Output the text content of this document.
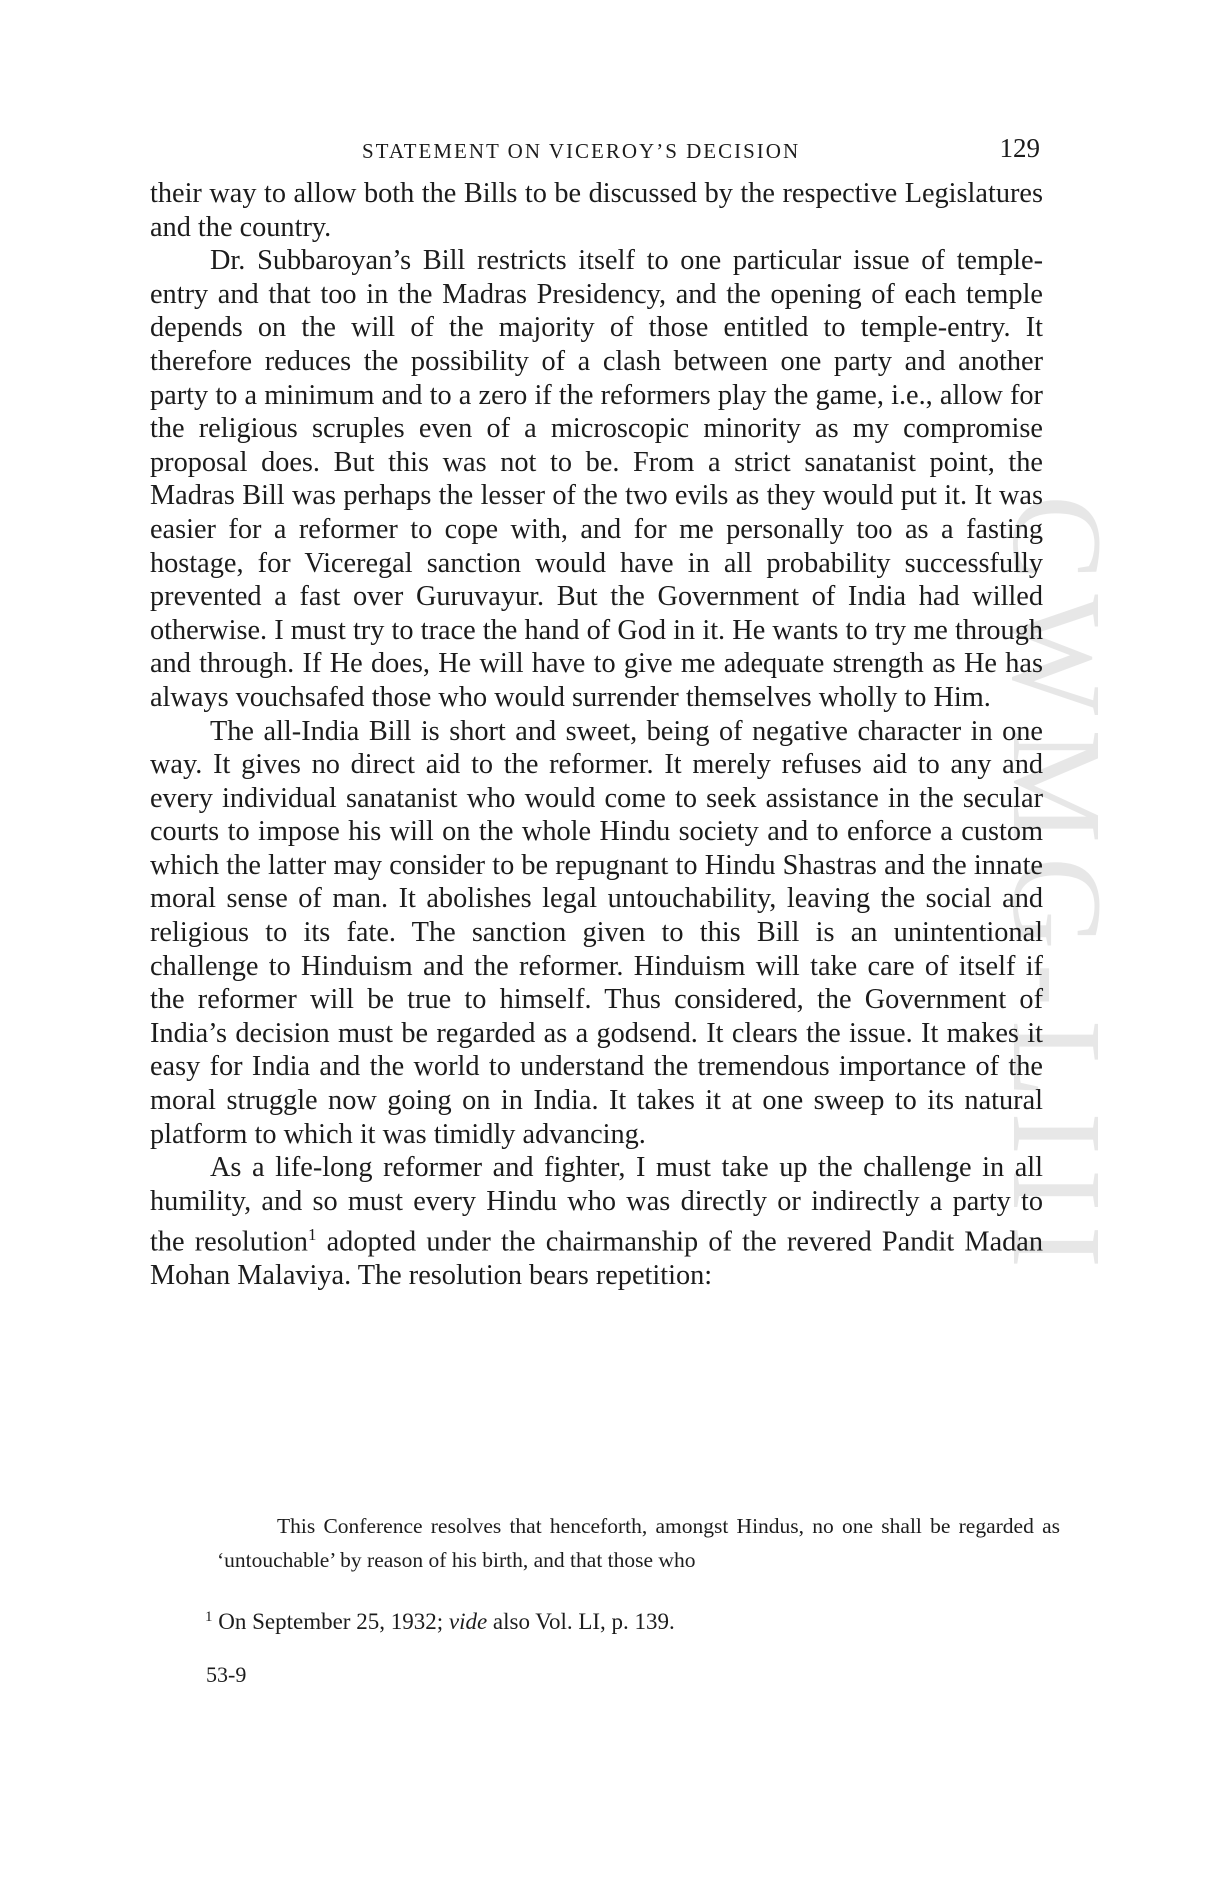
STATEMENT ON VICEROY’S DECISION	129
CWMG-LIII

their way to allow both the Bills to be discussed by the respective Legislatures and the country.

Dr. Subbaroyan’s Bill restricts itself to one particular issue of temple-entry and that too in the Madras Presidency, and the opening of each temple depends on the will of the majority of those entitled to temple-entry. It therefore reduces the possibility of a clash between one party and another party to a minimum and to a zero if the reformers play the game, i.e., allow for the religious scruples even of a microscopic minority as my compromise proposal does. But this was not to be. From a strict sanatanist point, the Madras Bill was perhaps the lesser of the two evils as they would put it. It was easier for a reformer to cope with, and for me personally too as a fasting hostage, for Viceregal sanction would have in all probability successfully prevented a fast over Guruvayur. But the Government of India had willed otherwise. I must try to trace the hand of God in it. He wants to try me through and through. If He does, He will have to give me adequate strength as He has always vouchsafed those who would surrender themselves wholly to Him.

The all-India Bill is short and sweet, being of negative character in one way. It gives no direct aid to the reformer. It merely refuses aid to any and every individual sanatanist who would come to seek assistance in the secular courts to impose his will on the whole Hindu society and to enforce a custom which the latter may consider to be repugnant to Hindu Shastras and the innate moral sense of man. It abolishes legal untouchability, leaving the social and religious to its fate. The sanction given to this Bill is an unintentional challenge to Hinduism and the reformer. Hinduism will take care of itself if the reformer will be true to himself. Thus considered, the Government of India’s decision must be regarded as a godsend. It clears the issue. It makes it easy for India and the world to understand the tremendous importance of the moral struggle now going on in India. It takes it at one sweep to its natural platform to which it was timidly advancing.

As a life-long reformer and fighter, I must take up the challenge in all humility, and so must every Hindu who was directly or indirectly a party to the resolution$^1$ adopted under the chairmanship of the revered Pandit Madan Mohan Malaviya. The resolution bears repetition:

This Conference resolves that henceforth, amongst Hindus, no one shall be regarded as ‘untouchable’ by reason of his birth, and that those who
$^1$ On September 25, 1932; vide also Vol. LI, p. 139.
53-9
